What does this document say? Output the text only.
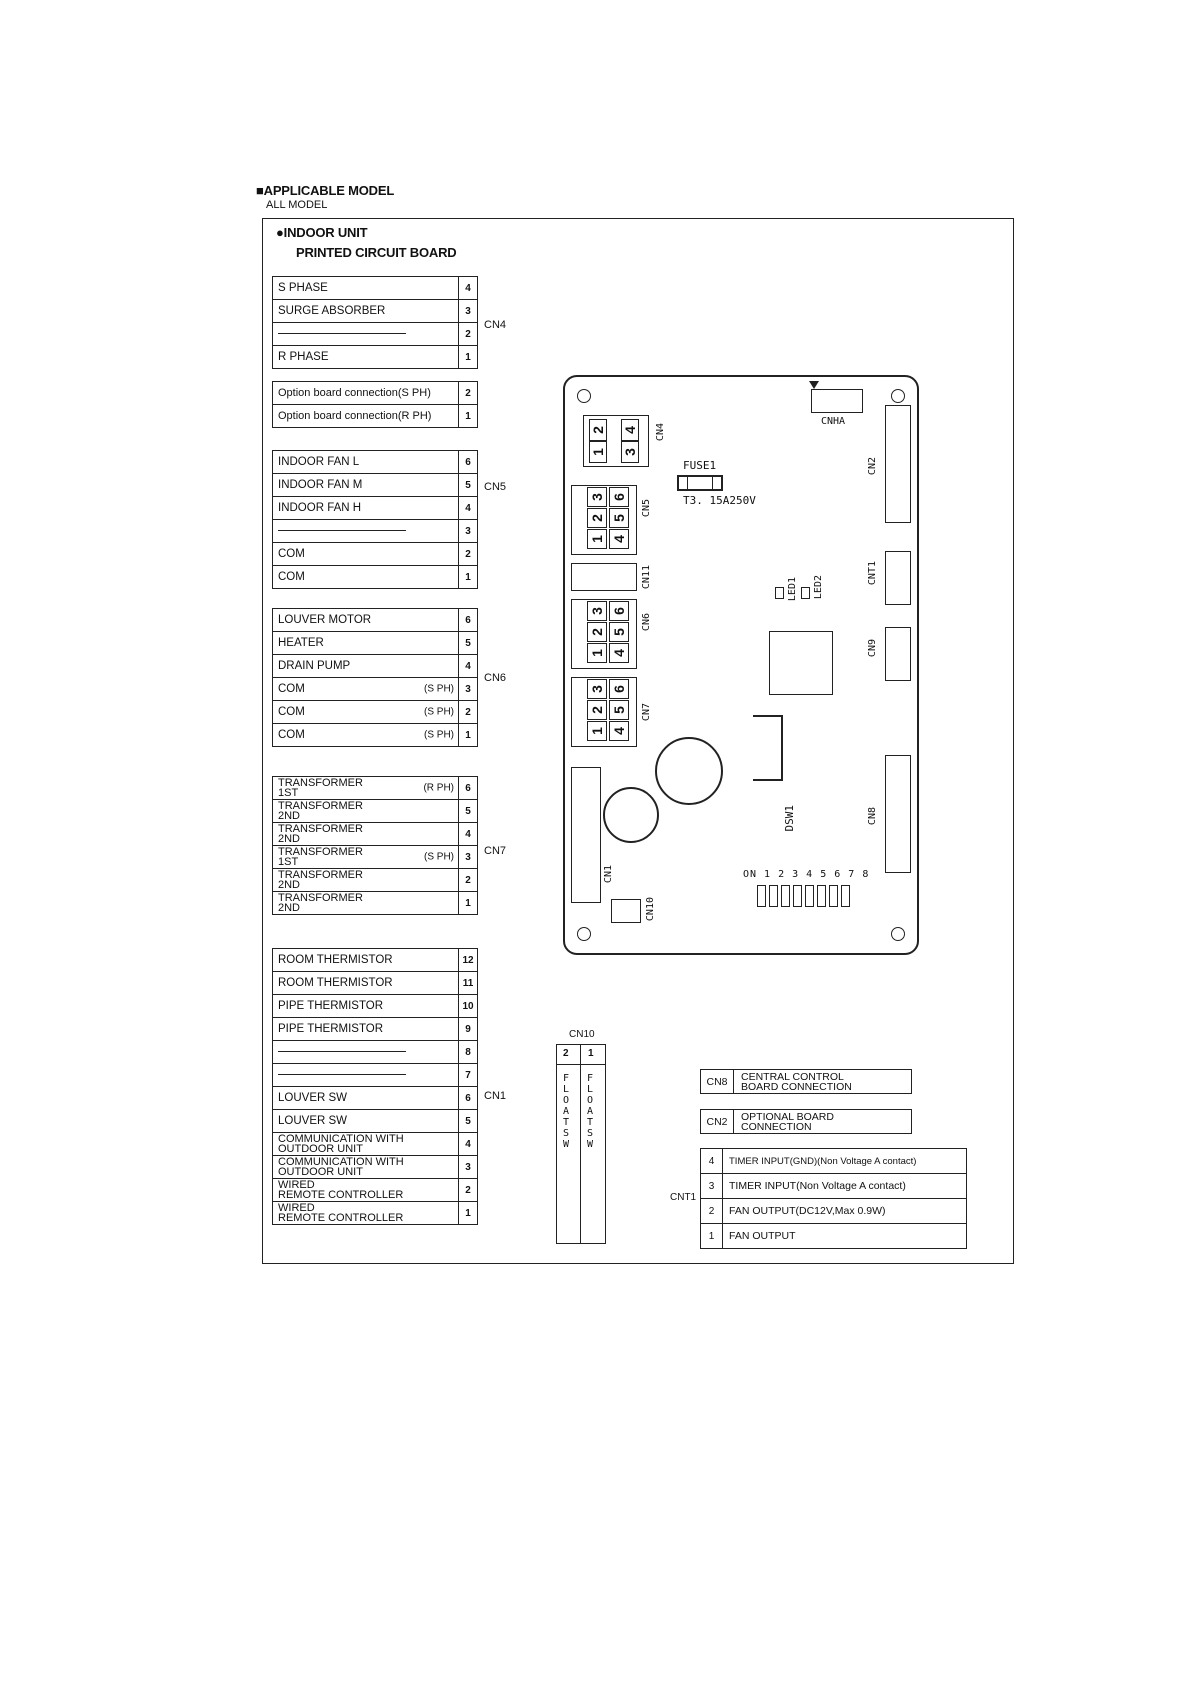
■APPLICABLE MODEL
ALL MODEL
●INDOOR UNIT
PRINTED CIRCUIT BOARD
S PHASE	4
SURGE ABSORBER	3
	2
R PHASE	1
CN4
Option board connection(S PH)	2
Option board connection(R PH)	1
INDOOR FAN L	6
INDOOR FAN M	5
INDOOR FAN H	4
	3
COM	2
COM	1
CN5
LOUVER MOTOR	6
HEATER	5
DRAIN PUMP	4
COM (S PH)	3
COM (S PH)	2
COM (S PH)	1
CN6
TRANSFORMER
1ST (R PH)	6

TRANSFORMER
2ND	5

TRANSFORMER
2ND	4

TRANSFORMER
1ST (S PH)	3

TRANSFORMER
2ND	2

TRANSFORMER
2ND	1
CN7
ROOM THERMISTOR	12
ROOM THERMISTOR	11
PIPE THERMISTOR	10
PIPE THERMISTOR	9
	8
	7
LOUVER SW	6
LOUVER SW	5

COMMUNICATION WITH
OUTDOOR UNIT	4

COMMUNICATION WITH
OUTDOOR UNIT	3

WIRED
REMOTE CONTROLLER	2

WIRED
REMOTE CONTROLLER	1
CN1
CN10
2 1
FLOAT SW
FLOAT SW
CN8	CENTRAL CONTROL
BOARD CONNECTION
CN2	OPTIONAL BOARD
CONNECTION
CNT1
4	TIMER INPUT(GND)(Non Voltage A contact)
3	TIMER INPUT(Non Voltage A contact)
2	FAN OUTPUT(DC12V,Max 0.9W)
1	FAN OUTPUT
CNHA
2
1
4
3
CN4
FUSE1
T3. 15A250V
3
2
1
6
5
4
CN5
CN11
3
2
1
6
5
4
CN6
3
2
1
6
5
4
CN7
CN1
CN10
LED1 LED2
DSW1
ON 1 2 3 4 5 6 7 8
CN2
CNT1
CN9
CN8
